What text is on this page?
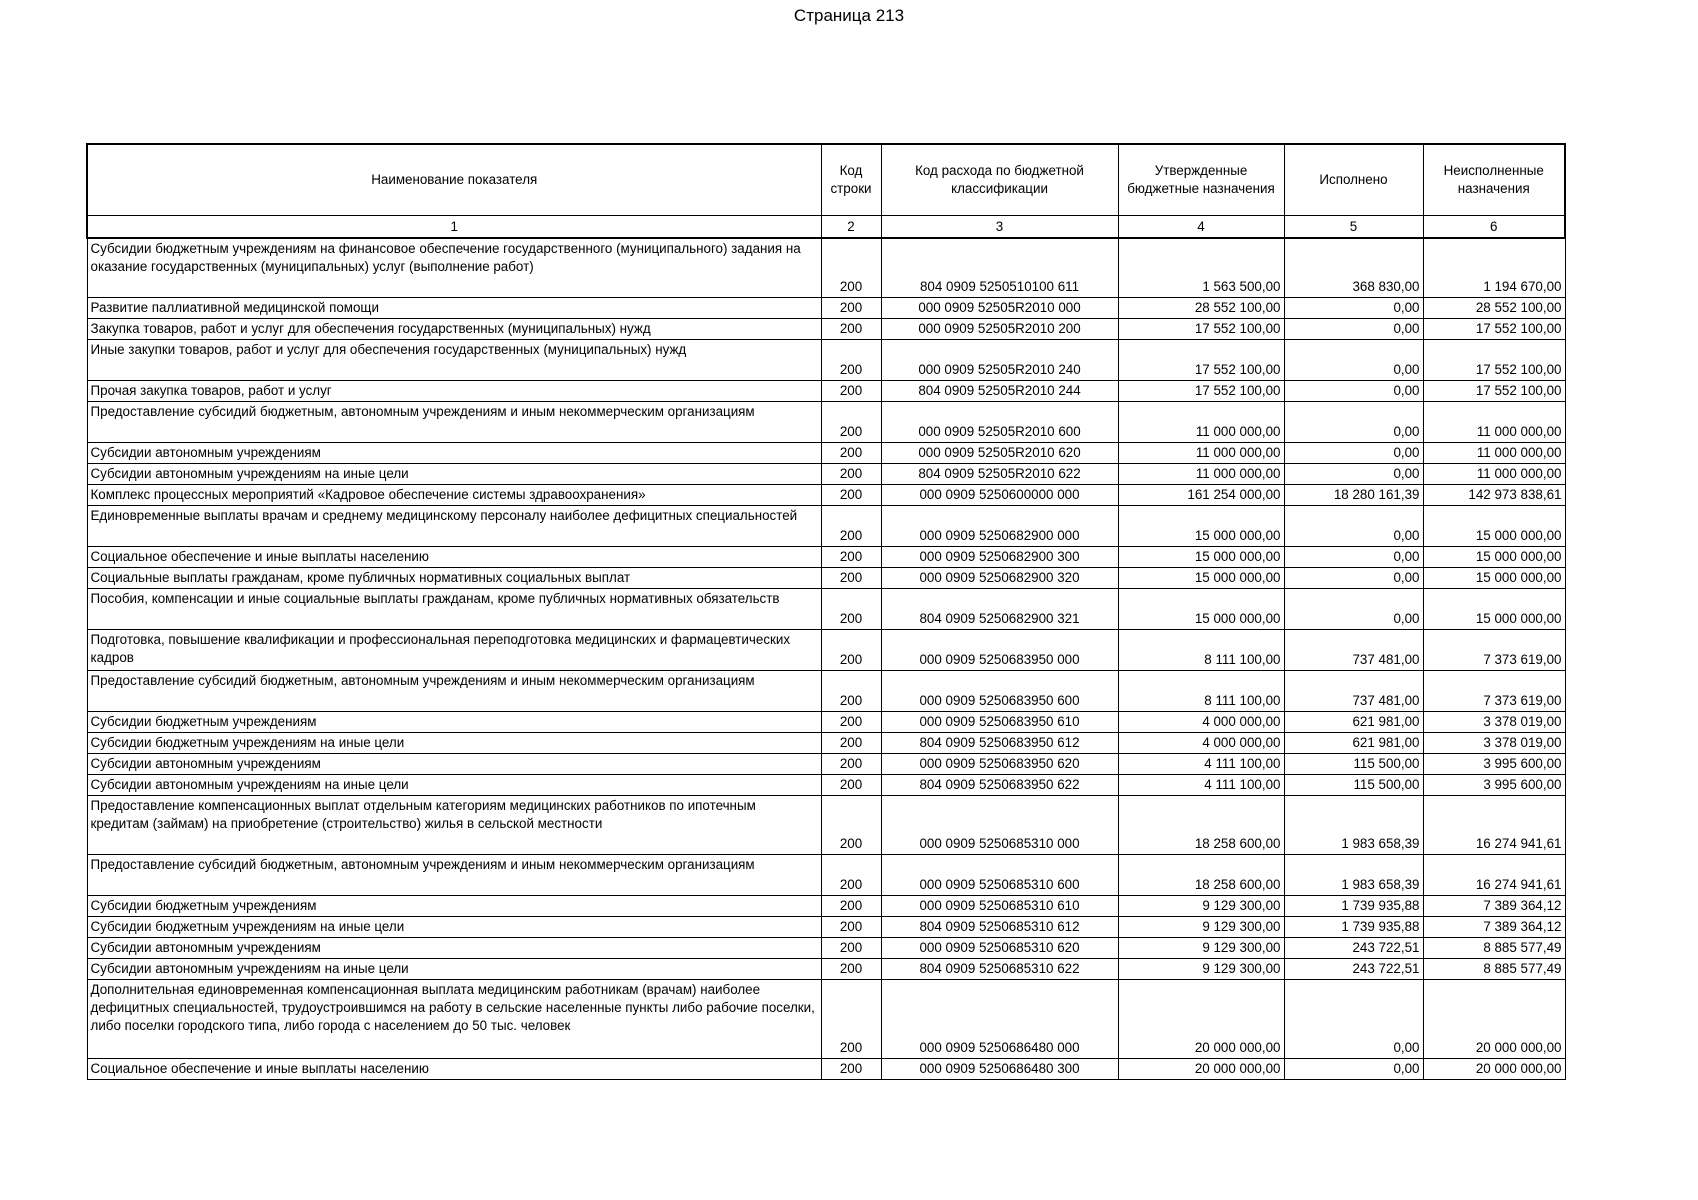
Страница 213
Наименование показателя	Код строки	Код расхода по бюджетной классификации	Утвержденные бюджетные назначения	Исполнено	Неисполненные назначения
1	2	3	4	5	6
Субсидии бюджетным учреждениям на финансовое обеспечение государственного (муниципального) задания на оказание государственных (муниципальных) услуг (выполнение работ)	200	804 0909 5250510100 611	1 563 500,00	368 830,00	1 194 670,00
Развитие паллиативной медицинской помощи	200	000 0909 52505R2010 000	28 552 100,00	0,00	28 552 100,00
Закупка товаров, работ и услуг для обеспечения государственных (муниципальных) нужд	200	000 0909 52505R2010 200	17 552 100,00	0,00	17 552 100,00
Иные закупки товаров, работ и услуг для обеспечения государственных (муниципальных) нужд	200	000 0909 52505R2010 240	17 552 100,00	0,00	17 552 100,00
Прочая закупка товаров, работ и услуг	200	804 0909 52505R2010 244	17 552 100,00	0,00	17 552 100,00
Предоставление субсидий бюджетным, автономным учреждениям и иным некоммерческим организациям	200	000 0909 52505R2010 600	11 000 000,00	0,00	11 000 000,00
Субсидии автономным учреждениям	200	000 0909 52505R2010 620	11 000 000,00	0,00	11 000 000,00
Субсидии автономным учреждениям на иные цели	200	804 0909 52505R2010 622	11 000 000,00	0,00	11 000 000,00
Комплекс процессных мероприятий «Кадровое обеспечение системы здравоохранения»	200	000 0909 5250600000 000	161 254 000,00	18 280 161,39	142 973 838,61
Единовременные выплаты врачам и среднему медицинскому персоналу наиболее дефицитных специальностей	200	000 0909 5250682900 000	15 000 000,00	0,00	15 000 000,00
Социальное обеспечение и иные выплаты населению	200	000 0909 5250682900 300	15 000 000,00	0,00	15 000 000,00
Социальные выплаты гражданам, кроме публичных нормативных социальных выплат	200	000 0909 5250682900 320	15 000 000,00	0,00	15 000 000,00
Пособия, компенсации и иные социальные выплаты гражданам, кроме публичных нормативных обязательств	200	804 0909 5250682900 321	15 000 000,00	0,00	15 000 000,00
Подготовка, повышение квалификации и профессиональная переподготовка медицинских и фармацевтических кадров	200	000 0909 5250683950 000	8 111 100,00	737 481,00	7 373 619,00
Предоставление субсидий бюджетным, автономным учреждениям и иным некоммерческим организациям	200	000 0909 5250683950 600	8 111 100,00	737 481,00	7 373 619,00
Субсидии бюджетным учреждениям	200	000 0909 5250683950 610	4 000 000,00	621 981,00	3 378 019,00
Субсидии бюджетным учреждениям на иные цели	200	804 0909 5250683950 612	4 000 000,00	621 981,00	3 378 019,00
Субсидии автономным учреждениям	200	000 0909 5250683950 620	4 111 100,00	115 500,00	3 995 600,00
Субсидии автономным учреждениям на иные цели	200	804 0909 5250683950 622	4 111 100,00	115 500,00	3 995 600,00
Предоставление компенсационных выплат отдельным категориям медицинских работников по ипотечным кредитам (займам) на приобретение (строительство) жилья в сельской местности	200	000 0909 5250685310 000	18 258 600,00	1 983 658,39	16 274 941,61
Предоставление субсидий бюджетным, автономным учреждениям и иным некоммерческим организациям	200	000 0909 5250685310 600	18 258 600,00	1 983 658,39	16 274 941,61
Субсидии бюджетным учреждениям	200	000 0909 5250685310 610	9 129 300,00	1 739 935,88	7 389 364,12
Субсидии бюджетным учреждениям на иные цели	200	804 0909 5250685310 612	9 129 300,00	1 739 935,88	7 389 364,12
Субсидии автономным учреждениям	200	000 0909 5250685310 620	9 129 300,00	243 722,51	8 885 577,49
Субсидии автономным учреждениям на иные цели	200	804 0909 5250685310 622	9 129 300,00	243 722,51	8 885 577,49
Дополнительная единовременная компенсационная выплата медицинским работникам (врачам) наиболее дефицитных специальностей, трудоустроившимся на работу в сельские населенные пункты либо рабочие поселки, либо поселки городского типа, либо города с населением до 50 тыс. человек	200	000 0909 5250686480 000	20 000 000,00	0,00	20 000 000,00
Социальное обеспечение и иные выплаты населению	200	000 0909 5250686480 300	20 000 000,00	0,00	20 000 000,00
